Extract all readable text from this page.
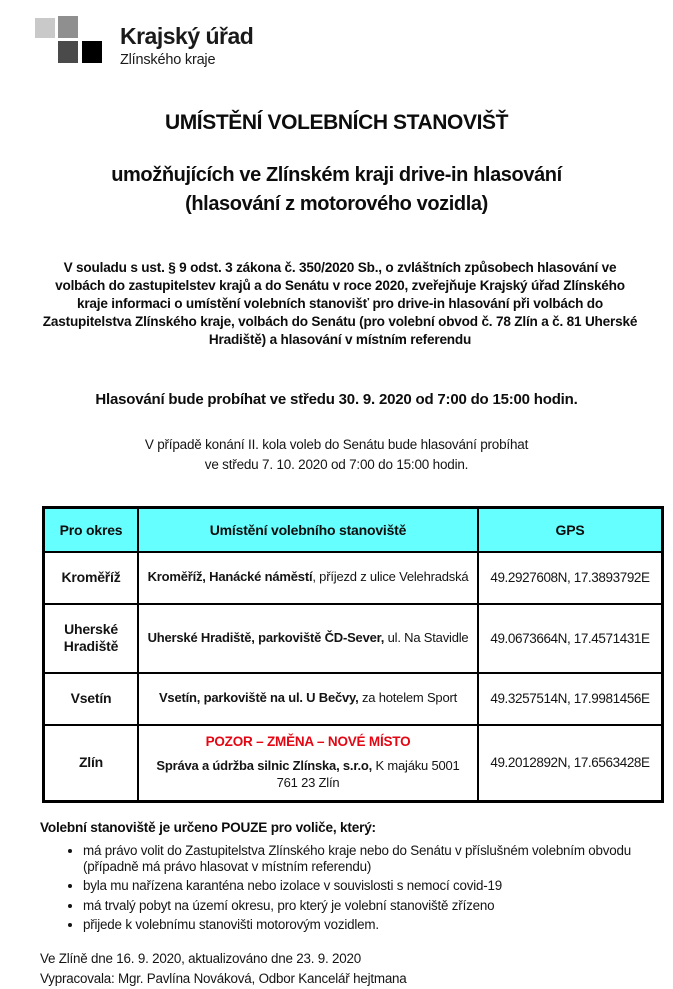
Krajský úřad
Zlínského kraje
UMÍSTĚNÍ VOLEBNÍCH STANOVIŠŤ
umožňujících ve Zlínském kraji drive-in hlasování
(hlasování z motorového vozidla)

V souladu s ust. § 9 odst. 3 zákona č. 350/2020 Sb., o zvláštních způsobech hlasování ve volbách do zastupitelstev krajů a do Senátu v roce 2020, zveřejňuje Krajský úřad Zlínského kraje informaci o umístění volebních stanovišť pro drive-in hlasování při volbách do Zastupitelstva Zlínského kraje, volbách do Senátu (pro volební obvod č. 78 Zlín a č. 81 Uherské Hradiště) a hlasování v místním referendu

Hlasování bude probíhat ve středu 30. 9. 2020 od 7:00 do 15:00 hodin.

V případě konání II. kola voleb do Senátu bude hlasování probíhat
ve středu 7. 10. 2020 od 7:00 do 15:00 hodin.

Pro okres	Umístění volebního stanoviště	GPS
Kroměříž	Kroměříž, Hanácké náměstí, příjezd z ulice Velehradská	49.2927608N, 17.3893792E
Uherské Hradiště	Uherské Hradiště, parkoviště ČD-Sever, ul. Na Stavidle	49.0673664N, 17.4571431E
Vsetín	Vsetín, parkoviště na ul. U Bečvy, za hotelem Sport	49.3257514N, 17.9981456E
Zlín	POZOR – ZMĚNA – NOVÉ MÍSTO
Správa a údržba silnic Zlínska, s.r.o, K majáku 5001
761 23 Zlín	49.2012892N, 17.6563428E

Volební stanoviště je určeno POUZE pro voliče, který:

• má právo volit do Zastupitelstva Zlínského kraje nebo do Senátu v příslušném volebním obvodu (případně má právo hlasovat v místním referendu)
• byla mu nařízena karanténa nebo izolace v souvislosti s nemocí covid-19
• má trvalý pobyt na území okresu, pro který je volební stanoviště zřízeno
• přijede k volebnímu stanovišti motorovým vozidlem.
Ve Zlíně dne 16. 9. 2020, aktualizováno dne 23. 9. 2020
Vypracovala: Mgr. Pavlína Nováková, Odbor Kancelář hejtmana
